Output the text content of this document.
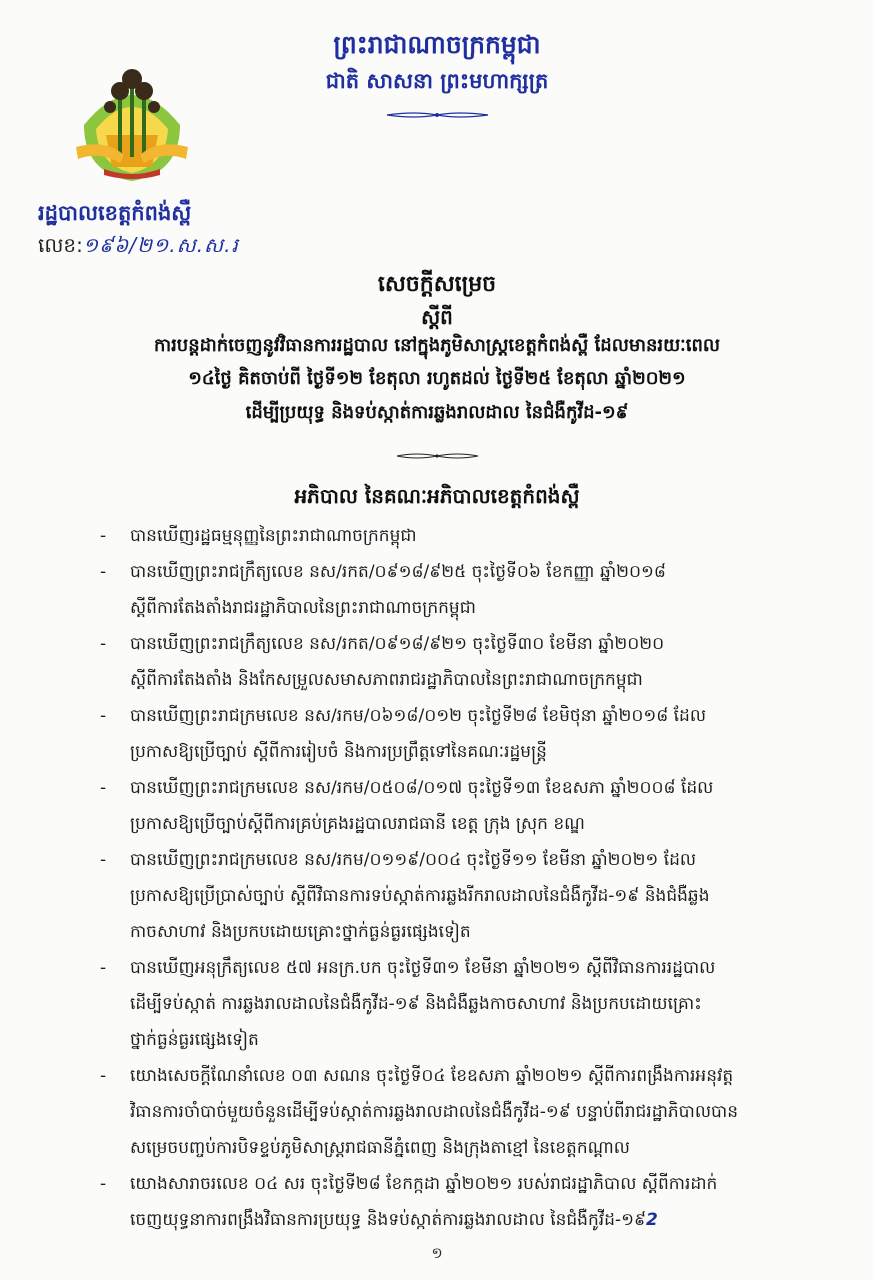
ព្រះរាជាណាចក្រកម្ពុជា
ជាតិ សាសនា ព្រះមហាក្សត្រ
រដ្ឋបាលខេត្តកំពង់ស្ពឺ
លេខ:១៩៦/២១.ស.ស.រ
សេចក្តីសម្រេច
ស្តីពី
ការបន្តដាក់ចេញនូវវិធានការរដ្ឋបាល នៅក្នុងភូមិសាស្ត្រខេត្តកំពង់ស្ពឺ ដែលមានរយៈពេល
១៤ថ្ងៃ គិតចាប់ពី ថ្ងៃទី១២ ខែតុលា រហូតដល់ ថ្ងៃទី២៥ ខែតុលា ឆ្នាំ២០២១
ដើម្បីប្រយុទ្ធ និងទប់ស្កាត់ការឆ្លងរាលដាល នៃជំងឺកូវីដ-១៩
អភិបាល នៃគណៈអភិបាលខេត្តកំពង់ស្ពឺ
- បានឃើញរដ្ឋធម្មនុញ្ញនៃព្រះរាជាណាចក្រកម្ពុជា
- បានឃើញព្រះរាជក្រឹត្យលេខ នស/រកត/០៩១៨/៩២៥ ចុះថ្ងៃទី០៦ ខែកញ្ញា ឆ្នាំ២០១៨
ស្តីពីការតែងតាំងរាជរដ្ឋាភិបាលនៃព្រះរាជាណាចក្រកម្ពុជា
- បានឃើញព្រះរាជក្រឹត្យលេខ នស/រកត/០៩១៨/៩២១ ចុះថ្ងៃទី៣០ ខែមីនា ឆ្នាំ២០២០
ស្តីពីការតែងតាំង និងកែសម្រួលសមាសភាពរាជរដ្ឋាភិបាលនៃព្រះរាជាណាចក្រកម្ពុជា
- បានឃើញព្រះរាជក្រមលេខ នស/រកម/០៦១៨/០១២ ចុះថ្ងៃទី២៨ ខែមិថុនា ឆ្នាំ២០១៨ ដែល
ប្រកាសឱ្យប្រើច្បាប់ ស្តីពីការរៀបចំ និងការប្រព្រឹត្តទៅនៃគណៈរដ្ឋមន្ត្រី
- បានឃើញព្រះរាជក្រមលេខ នស/រកម/០៥០៨/០១៧ ចុះថ្ងៃទី១៣ ខែឧសភា ឆ្នាំ២០០៨ ដែល
ប្រកាសឱ្យប្រើច្បាប់ស្តីពីការគ្រប់គ្រងរដ្ឋបាលរាជធានី ខេត្ត ក្រុង ស្រុក ខណ្ឌ
- បានឃើញព្រះរាជក្រមលេខ នស/រកម/០១១៩/០០៤ ចុះថ្ងៃទី១១ ខែមីនា ឆ្នាំ២០២១ ដែល
ប្រកាសឱ្យប្រើប្រាស់ច្បាប់ ស្តីពីវិធានការទប់ស្កាត់ការឆ្លងរីករាលដាលនៃជំងឺកូវីដ-១៩ និងជំងឺឆ្លង
កាចសាហាវ និងប្រកបដោយគ្រោះថ្នាក់ធ្ងន់ធ្ងរផ្សេងទៀត
- បានឃើញអនុក្រឹត្យលេខ ៥៧ អនក្រ.បក ចុះថ្ងៃទី៣១ ខែមីនា ឆ្នាំ២០២១ ស្តីពីវិធានការរដ្ឋបាល
ដើម្បីទប់ស្កាត់ ការឆ្លងរាលដាលនៃជំងឺកូវីដ-១៩ និងជំងឺឆ្លងកាចសាហាវ និងប្រកបដោយគ្រោះ
ថ្នាក់ធ្ងន់ធ្ងរផ្សេងទៀត
- យោងសេចក្តីណែនាំលេខ ០៣ សណន ចុះថ្ងៃទី០៤ ខែឧសភា ឆ្នាំ២០២១ ស្តីពីការពង្រឹងការអនុវត្ត
វិធានការចាំបាច់មួយចំនួនដើម្បីទប់ស្កាត់ការឆ្លងរាលដាលនៃជំងឺកូវីដ-១៩ បន្ទាប់ពីរាជរដ្ឋាភិបាលបាន
សម្រេចបញ្ចប់ការបិទខ្ទប់ភូមិសាស្ត្ររាជធានីភ្នំពេញ និងក្រុងតាខ្មៅ នៃខេត្តកណ្តាល
- យោងសារាចរលេខ ០៤ សរ ចុះថ្ងៃទី២៨ ខែកក្កដា ឆ្នាំ២០២១ របស់រាជរដ្ឋាភិបាល ស្តីពីការដាក់
ចេញយុទ្ធនាការពង្រឹងវិធានការប្រយុទ្ធ និងទប់ស្កាត់ការឆ្លងរាលដាល នៃជំងឺកូវីដ-១៩2
១
